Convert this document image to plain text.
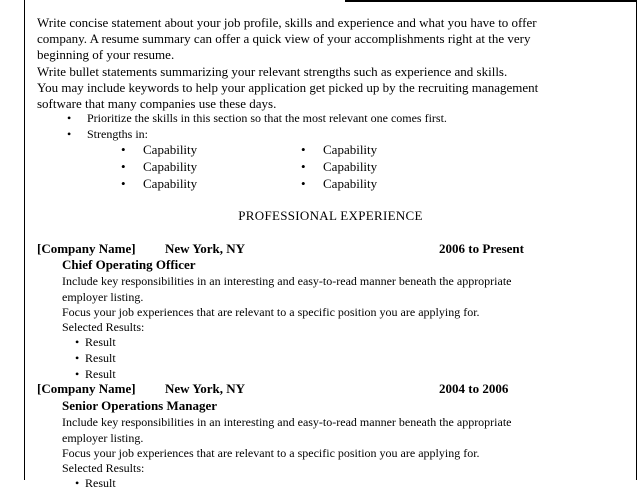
Write concise statement about your job profile, skills and experience and what you have to offer
company. A resume summary can offer a quick view of your accomplishments right at the very
beginning of your resume.
Write bullet statements summarizing your relevant strengths such as experience and skills.
You may include keywords to help your application get picked up by the recruiting management
software that many companies use these days.
• Prioritize the skills in this section so that the most relevant one comes first.
• Strengths in:
• Capability
• Capability
• Capability
• Capability
• Capability
• Capability
PROFESSIONAL EXPERIENCE
[Company Name] New York, NY	2006 to Present
Chief Operating Officer
Include key responsibilities in an interesting and easy-to-read manner beneath the appropriate
employer listing.
Focus your job experiences that are relevant to a specific position you are applying for.
Selected Results:
• Result
• Result
• Result
[Company Name] New York, NY	2004 to 2006
Senior Operations Manager
Include key responsibilities in an interesting and easy-to-read manner beneath the appropriate
employer listing.
Focus your job experiences that are relevant to a specific position you are applying for.
Selected Results:
• Result
